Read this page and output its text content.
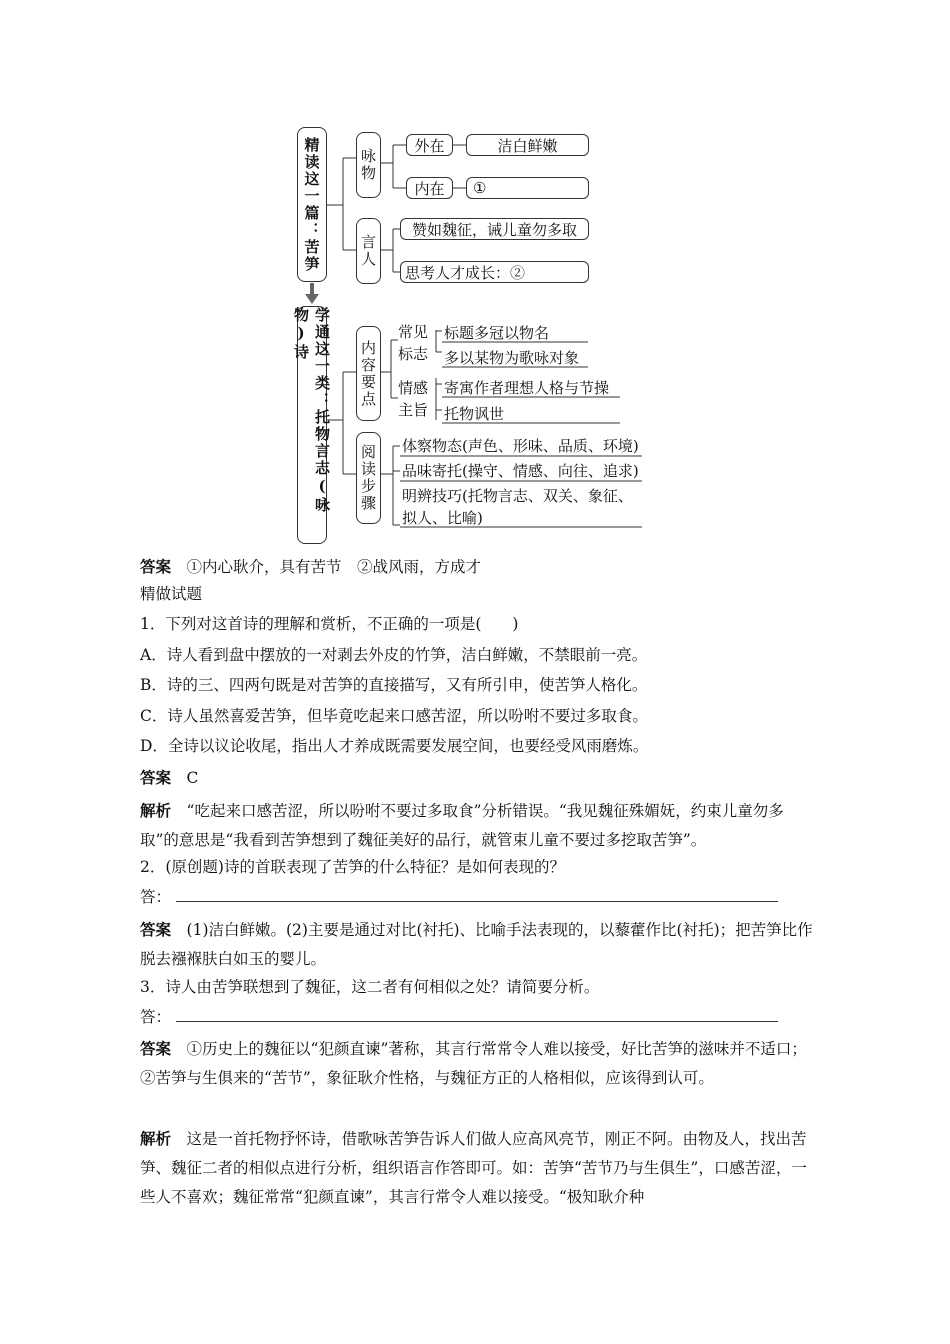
精读这一篇：苦笋	咏物
言人
外在	洁白鲜嫩
内在	①
赞如魏征，诫儿童勿多取
思考人才成长：②
学通这一类：托物言志(咏物)诗
内容要点
阅读步骤
常见标志
情感主旨
标题多冠以物名
多以某物为歌咏对象
寄寓作者理想人格与节操
托物讽世
体察物态(声色、形味、品质、环境)
品味寄托(操守、情感、向往、追求)
明辨技巧(托物言志、双关、象征、
拟人、比喻)
答案　 ①内心耿介，具有苦节　②战风雨，方成才
精做试题
1．下列对这首诗的理解和赏析，不正确的一项是(　　)
A．诗人看到盘中摆放的一对剥去外皮的竹笋，洁白鲜嫩，不禁眼前一亮。
B．诗的三、四两句既是对苦笋的直接描写，又有所引申，使苦笋人格化。
C．诗人虽然喜爱苦笋，但毕竟吃起来口感苦涩，所以吩咐不要过多取食。
D．全诗以议论收尾，指出人才养成既需要发展空间，也要经受风雨磨炼。
答案　 C
解析　 “吃起来口感苦涩，所以吩咐不要过多取食”分析错误。“我见魏征殊媚妩，约束儿童勿多取”的意思是“我看到苦笋想到了魏征美好的品行，就管束儿童不要过多挖取苦笋”。
2．(原创题)诗的首联表现了苦笋的什么特征？是如何表现的？
答：
答案　 (1)洁白鲜嫩。(2)主要是通过对比(衬托)、比喻手法表现的，以藜藿作比(衬托)；把苦笋比作脱去襁褓肤白如玉的婴儿。
3．诗人由苦笋联想到了魏征，这二者有何相似之处？请简要分析。
答：
答案　 ①历史上的魏征以“犯颜直谏”著称，其言行常常令人难以接受，好比苦笋的滋味并不适口；②苦笋与生俱来的“苦节”，象征耿介性格，与魏征方正的人格相似，应该得到认可。
解析　 这是一首托物抒怀诗，借歌咏苦笋告诉人们做人应高风亮节，刚正不阿。由物及人，找出苦笋、魏征二者的相似点进行分析，组织语言作答即可。如：苦笋“苦节乃与生俱生”，口感苦涩，一些人不喜欢；魏征常常“犯颜直谏”，其言行常令人难以接受。“极知耿介种
